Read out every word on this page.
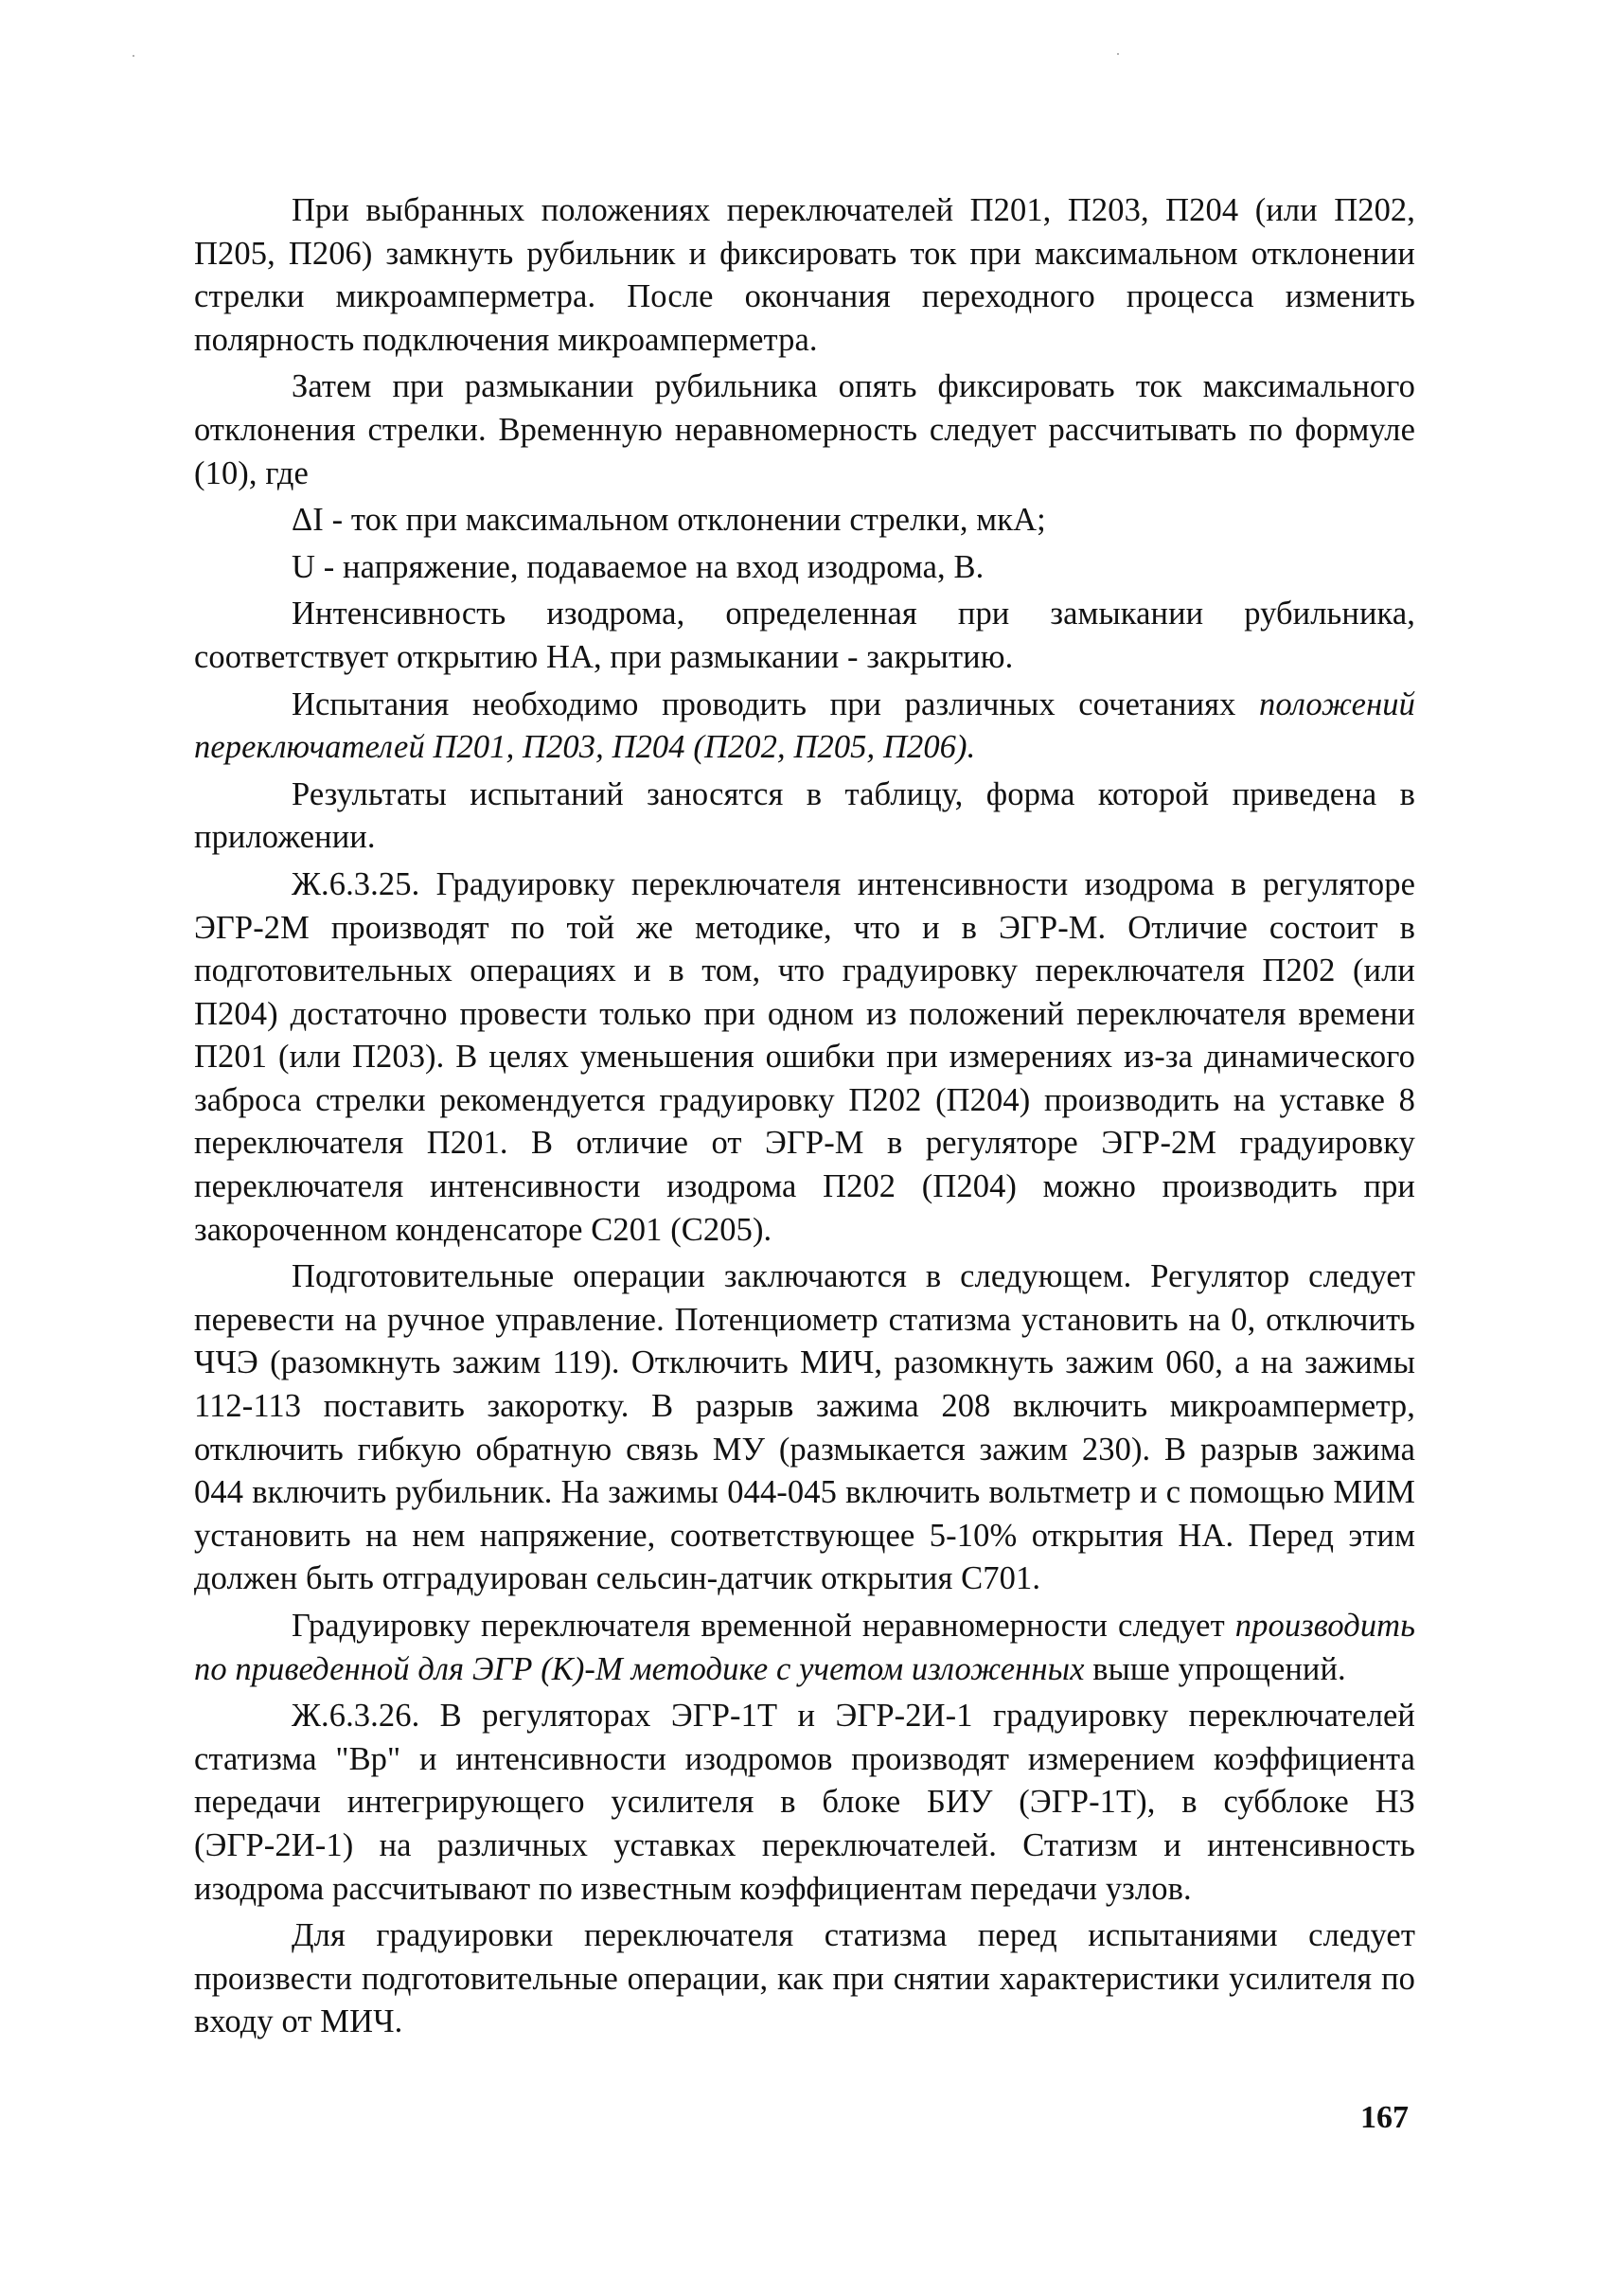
При выбранных положениях переключателей П201, П203, П204 (или П202, П205, П206) замкнуть рубильник и фиксировать ток при максимальном отклонении стрелки микроамперметра. После окончания переходного процесса изменить полярность подключения микроамперметра.

Затем при размыкании рубильника опять фиксировать ток максимального отклонения стрелки. Временную неравномерность следует рассчитывать по формуле (10), где

ΔI - ток при максимальном отклонении стрелки, мкА;

U - напряжение, подаваемое на вход изодрома, В.

Интенсивность изодрома, определенная при замыкании рубильника, соответствует открытию НА, при размыкании - закрытию.

Испытания необходимо проводить при различных сочетаниях положений переключателей П201, П203, П204 (П202, П205, П206).

Результаты испытаний заносятся в таблицу, форма которой приведена в приложении.

Ж.6.3.25. Градуировку переключателя интенсивности изодрома в регуляторе ЭГР-2М производят по той же методике, что и в ЭГР-М. Отличие состоит в подготовительных операциях и в том, что градуировку переключателя П202 (или П204) достаточно провести только при одном из положений переключателя времени П201 (или П203). В целях уменьшения ошибки при измерениях из-за динамического заброса стрелки рекомендуется градуировку П202 (П204) производить на уставке 8 переключателя П201. В отличие от ЭГР-М в регуляторе ЭГР-2М градуировку переключателя интенсивности изодрома П202 (П204) можно производить при закороченном конденсаторе С201 (С205).

Подготовительные операции заключаются в следующем. Регулятор следует перевести на ручное управление. Потенциометр статизма установить на 0, отключить ЧЧЭ (разомкнуть зажим 119). Отключить МИЧ, разомкнуть зажим 060, а на зажимы 112-113 поставить закоротку. В разрыв зажима 208 включить микроамперметр, отключить гибкую обратную связь МУ (размыкается зажим 230). В разрыв зажима 044 включить рубильник. На зажимы 044-045 включить вольтметр и с помощью МИМ установить на нем напряжение, соответствующее 5-10% открытия НА. Перед этим должен быть отградуирован сельсин-датчик открытия С701.

Градуировку переключателя временной неравномерности следует производить по приведенной для ЭГР (К)-М методике с учетом изложенных выше упрощений.

Ж.6.3.26. В регуляторах ЭГР-1Т и ЭГР-2И-1 градуировку переключателей статизма "Вр" и интенсивности изодромов производят измерением коэффициента передачи интегрирующего усилителя в блоке БИУ (ЭГР-1Т), в субблоке НЗ (ЭГР-2И-1) на различных уставках переключателей. Статизм и интенсивность изодрома рассчитывают по известным коэффициентам передачи узлов.

Для градуировки переключателя статизма перед испытаниями следует произвести подготовительные операции, как при снятии характеристики усилителя по входу от МИЧ.

167
